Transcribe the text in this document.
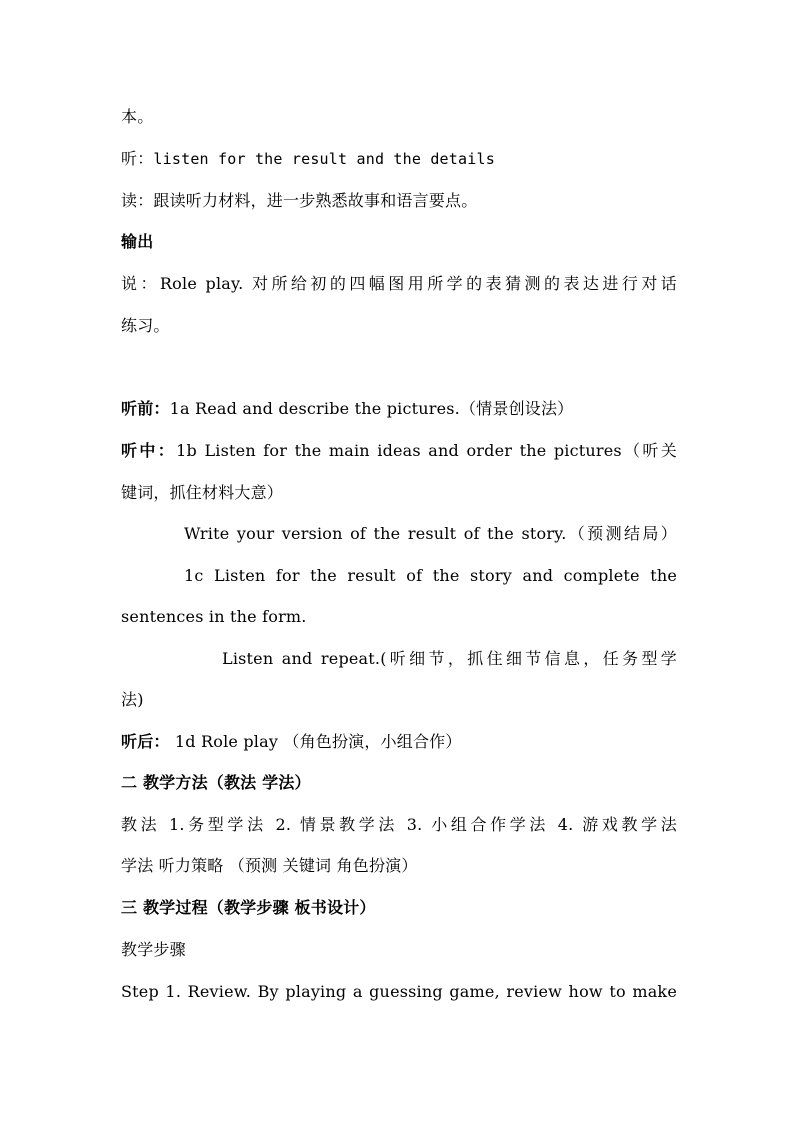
本。
听：listen for the result and the details
读：跟读听力材料，进一步熟悉故事和语言要点。
输出
说：Role play. 对所给初的四幅图用所学的表猜测的表达进行对话
练习。
听前：1a Read and describe the pictures.（情景创设法）
听中：1b Listen for the main ideas and order the pictures（听关
键词，抓住材料大意）
Write your version of the result of the story.（预测结局）
1c Listen for the result of the story and complete the
sentences in the form.
Listen and repeat.(听细节，抓住细节信息，任务型学
法)
听后： 1d Role play （角色扮演，小组合作）
二 教学方法（教法 学法）
教法 1.务型学法 2. 情景教学法 3. 小组合作学法 4. 游戏教学法
学法 听力策略 （预测 关键词 角色扮演）
三 教学过程（教学步骤 板书设计）
教学步骤
Step 1. Review. By playing a guessing game, review how to make
